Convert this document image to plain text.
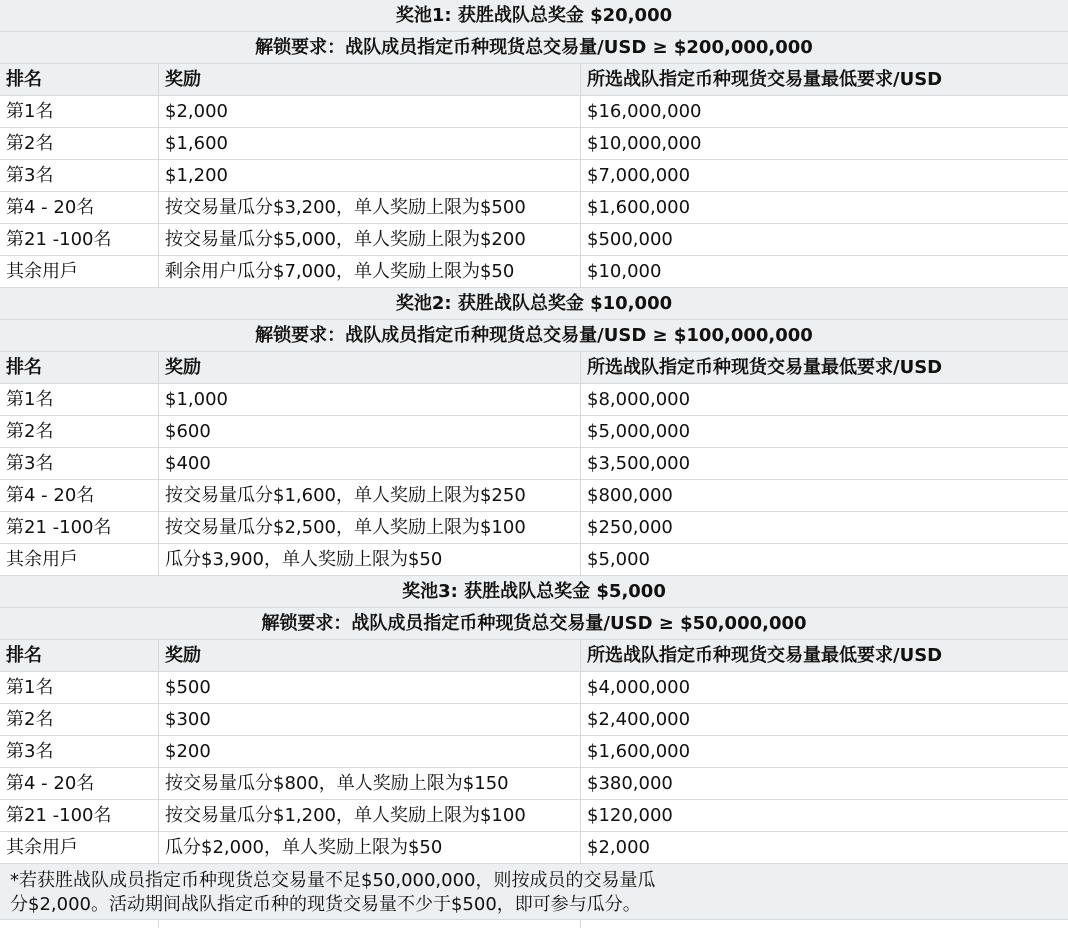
奖池1: 获胜战队总奖金 $20,000
解锁要求：战队成员指定币种现货总交易量/USD ≥ $200,000,000
排名	奖励	所选战队指定币种现货交易量最低要求/USD
第1名	$2,000	$16,000,000
第2名	$1,600	$10,000,000
第3名	$1,200	$7,000,000
第4 - 20名	按交易量瓜分$3,200，单人奖励上限为$500	$1,600,000
第21 -100名	按交易量瓜分$5,000，单人奖励上限为$200	$500,000
其余用戶	剩余用户瓜分$7,000，单人奖励上限为$50	$10,000
奖池2: 获胜战队总奖金 $10,000
解锁要求：战队成员指定币种现货总交易量/USD ≥ $100,000,000
排名	奖励	所选战队指定币种现货交易量最低要求/USD
第1名	$1,000	$8,000,000
第2名	$600	$5,000,000
第3名	$400	$3,500,000
第4 - 20名	按交易量瓜分$1,600，单人奖励上限为$250	$800,000
第21 -100名	按交易量瓜分$2,500，单人奖励上限为$100	$250,000
其余用戶	瓜分$3,900，单人奖励上限为$50	$5,000
奖池3: 获胜战队总奖金 $5,000
解锁要求：战队成员指定币种现货总交易量/USD ≥ $50,000,000
排名	奖励	所选战队指定币种现货交易量最低要求/USD
第1名	$500	$4,000,000
第2名	$300	$2,400,000
第3名	$200	$1,600,000
第4 - 20名	按交易量瓜分$800，单人奖励上限为$150	$380,000
第21 -100名	按交易量瓜分$1,200，单人奖励上限为$100	$120,000
其余用戶	瓜分$2,000，单人奖励上限为$50	$2,000
*若获胜战队成员指定币种现货总交易量不足$50,000,000，则按成员的交易量瓜
分$2,000。活动期间战队指定币种的现货交易量不少于$500，即可参与瓜分。
